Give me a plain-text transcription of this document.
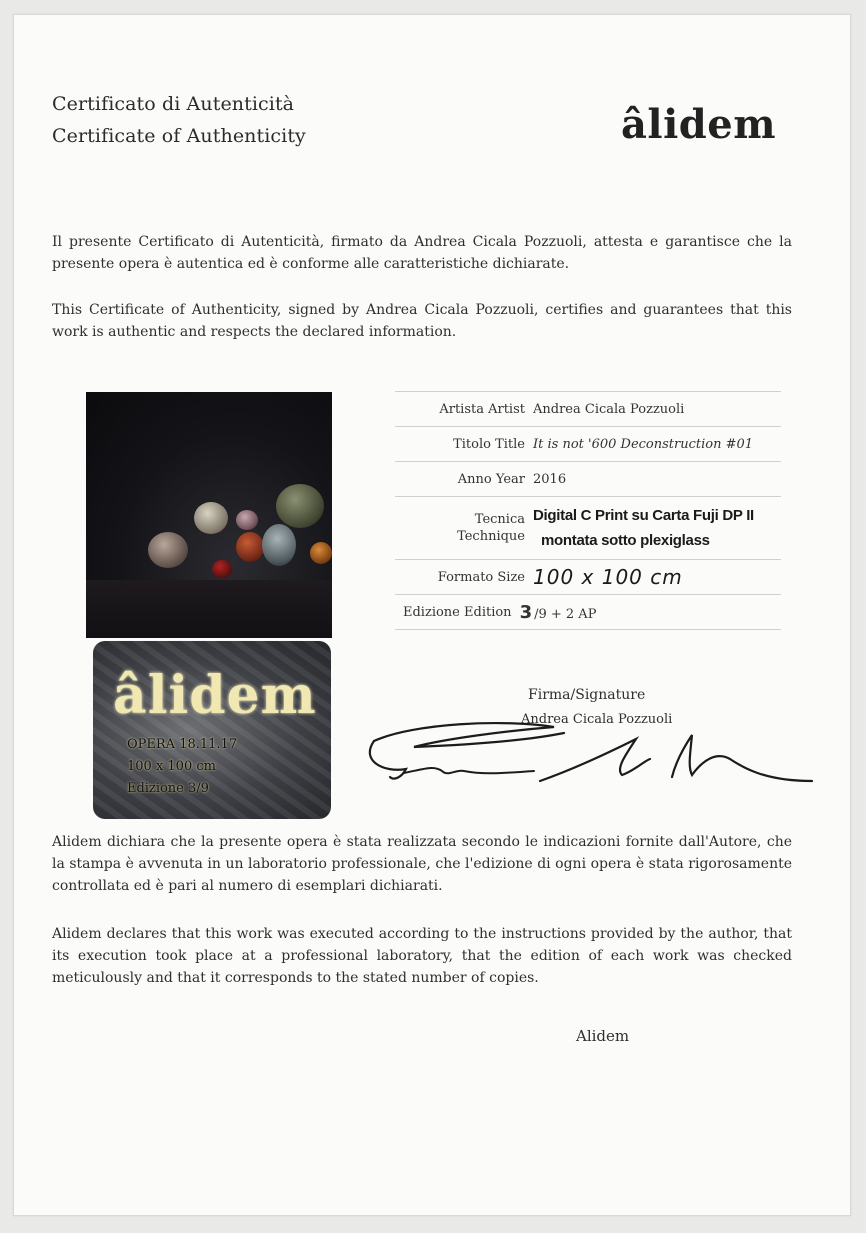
Certificato di Autenticità
Certificate of Authenticity	âlidem
Il presente Certificato di Autenticità, firmato da Andrea Cicala Pozzuoli, attesta e garantisce che la presente opera è autentica ed è conforme alle caratteristiche dichiarate.
This Certificate of Authenticity, signed by Andrea Cicala Pozzuoli, certifies and guarantees that this work is authentic and respects the declared information.
âlidem
OPERA 18.11.17
100 x 100 cm
Edizione 3/9
Artista Artist Andrea Cicala Pozzuoli
Titolo Title It is not '600 Deconstruction #01
Anno Year 2016
Tecnica
Technique
Digital C Print su Carta Fuji DP II
montata sotto plexiglass
Formato Size 100 x 100 cm
Edizione Edition 3 /9 + 2 AP
Firma/Signature
Andrea Cicala Pozzuoli
Alidem dichiara che la presente opera è stata realizzata secondo le indicazioni fornite dall'Autore, che la stampa è avvenuta in un laboratorio professionale, che l'edizione di ogni opera è stata rigorosamente controllata ed è pari al numero di esemplari dichiarati.
Alidem declares that this work was executed according to the instructions provided by the author, that its execution took place at a professional laboratory, that the edition of each work was checked meticulously and that it corresponds to the stated number of copies.
Alidem
